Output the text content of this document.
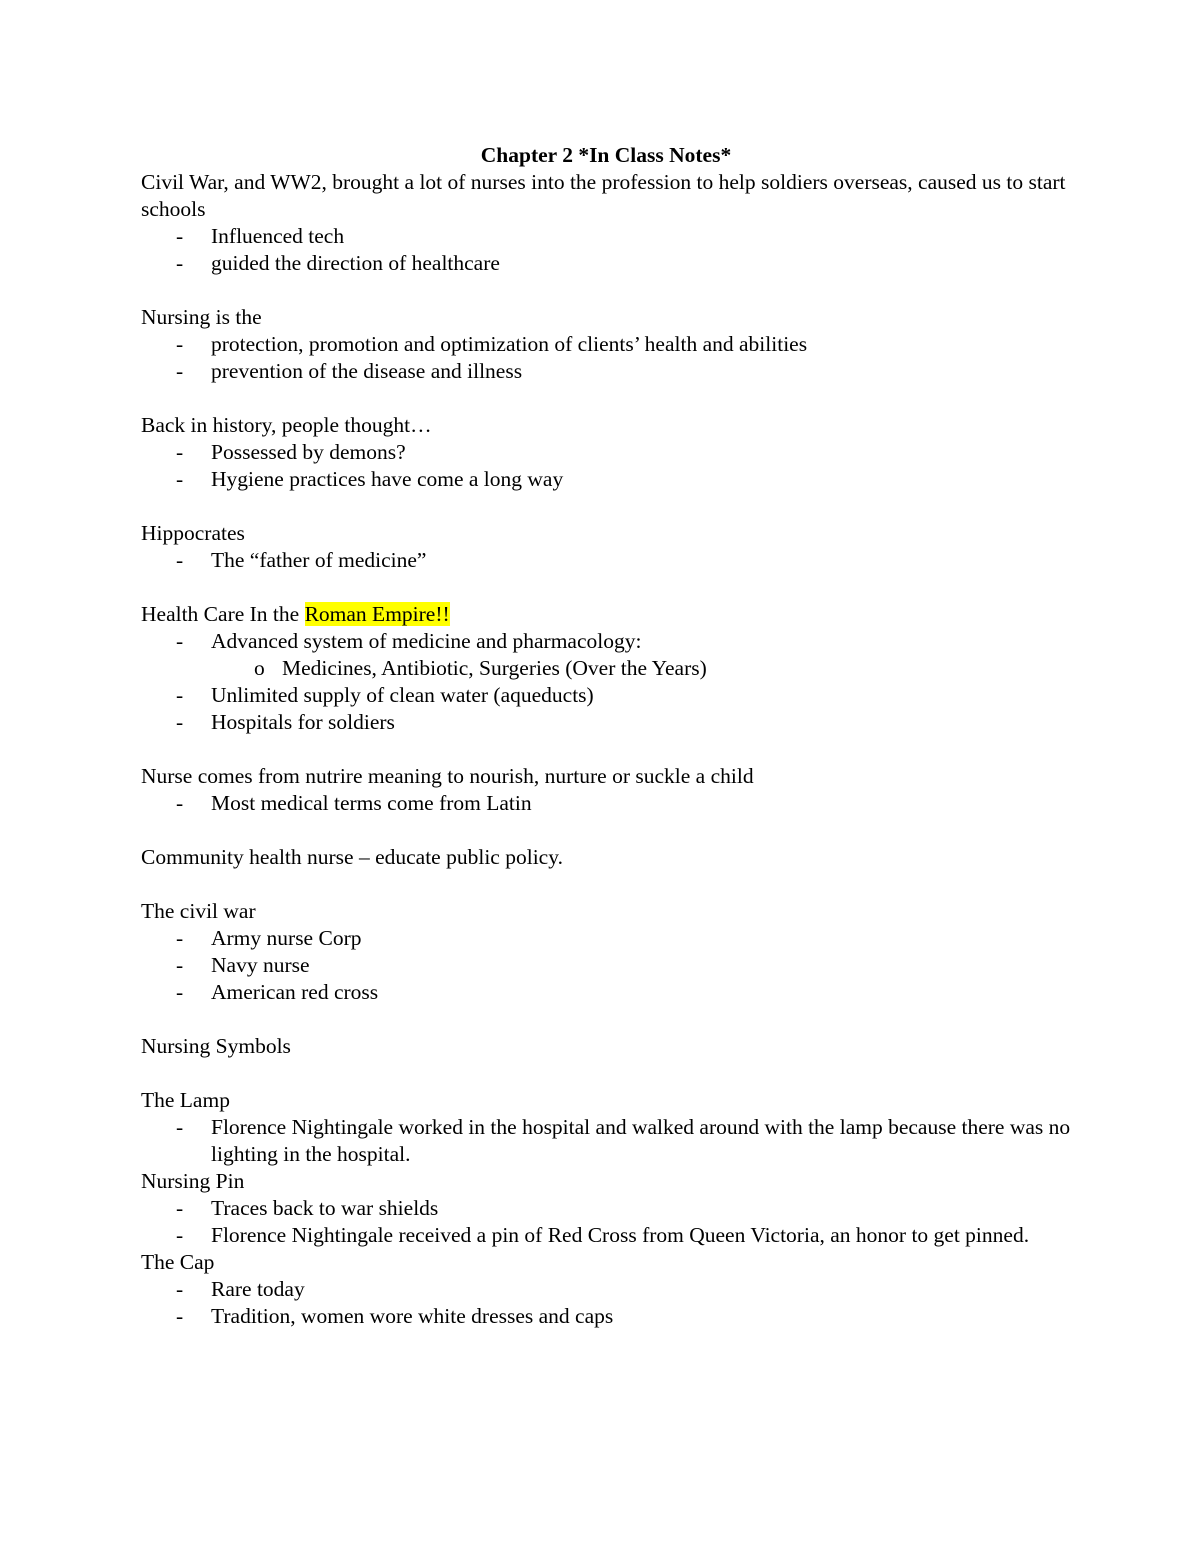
Chapter 2 *In Class Notes*

Civil War, and WW2, brought a lot of nurses into the profession to help soldiers overseas, caused us to start schools

- Influenced tech

- guided the direction of healthcare

Nursing is the

- protection, promotion and optimization of clients’ health and abilities

- prevention of the disease and illness

Back in history, people thought…

- Possessed by demons?

- Hygiene practices have come a long way

Hippocrates

- The “father of medicine”

Health Care In the Roman Empire!!

- Advanced system of medicine and pharmacology:

o Medicines, Antibiotic, Surgeries (Over the Years)

- Unlimited supply of clean water (aqueducts)

- Hospitals for soldiers

Nurse comes from nutrire meaning to nourish, nurture or suckle a child

- Most medical terms come from Latin

Community health nurse – educate public policy.

The civil war

- Army nurse Corp

- Navy nurse

- American red cross

Nursing Symbols

The Lamp

- Florence Nightingale worked in the hospital and walked around with the lamp because there was no lighting in the hospital.

Nursing Pin

- Traces back to war shields

- Florence Nightingale received a pin of Red Cross from Queen Victoria, an honor to get pinned.

The Cap

- Rare today

- Tradition, women wore white dresses and caps
